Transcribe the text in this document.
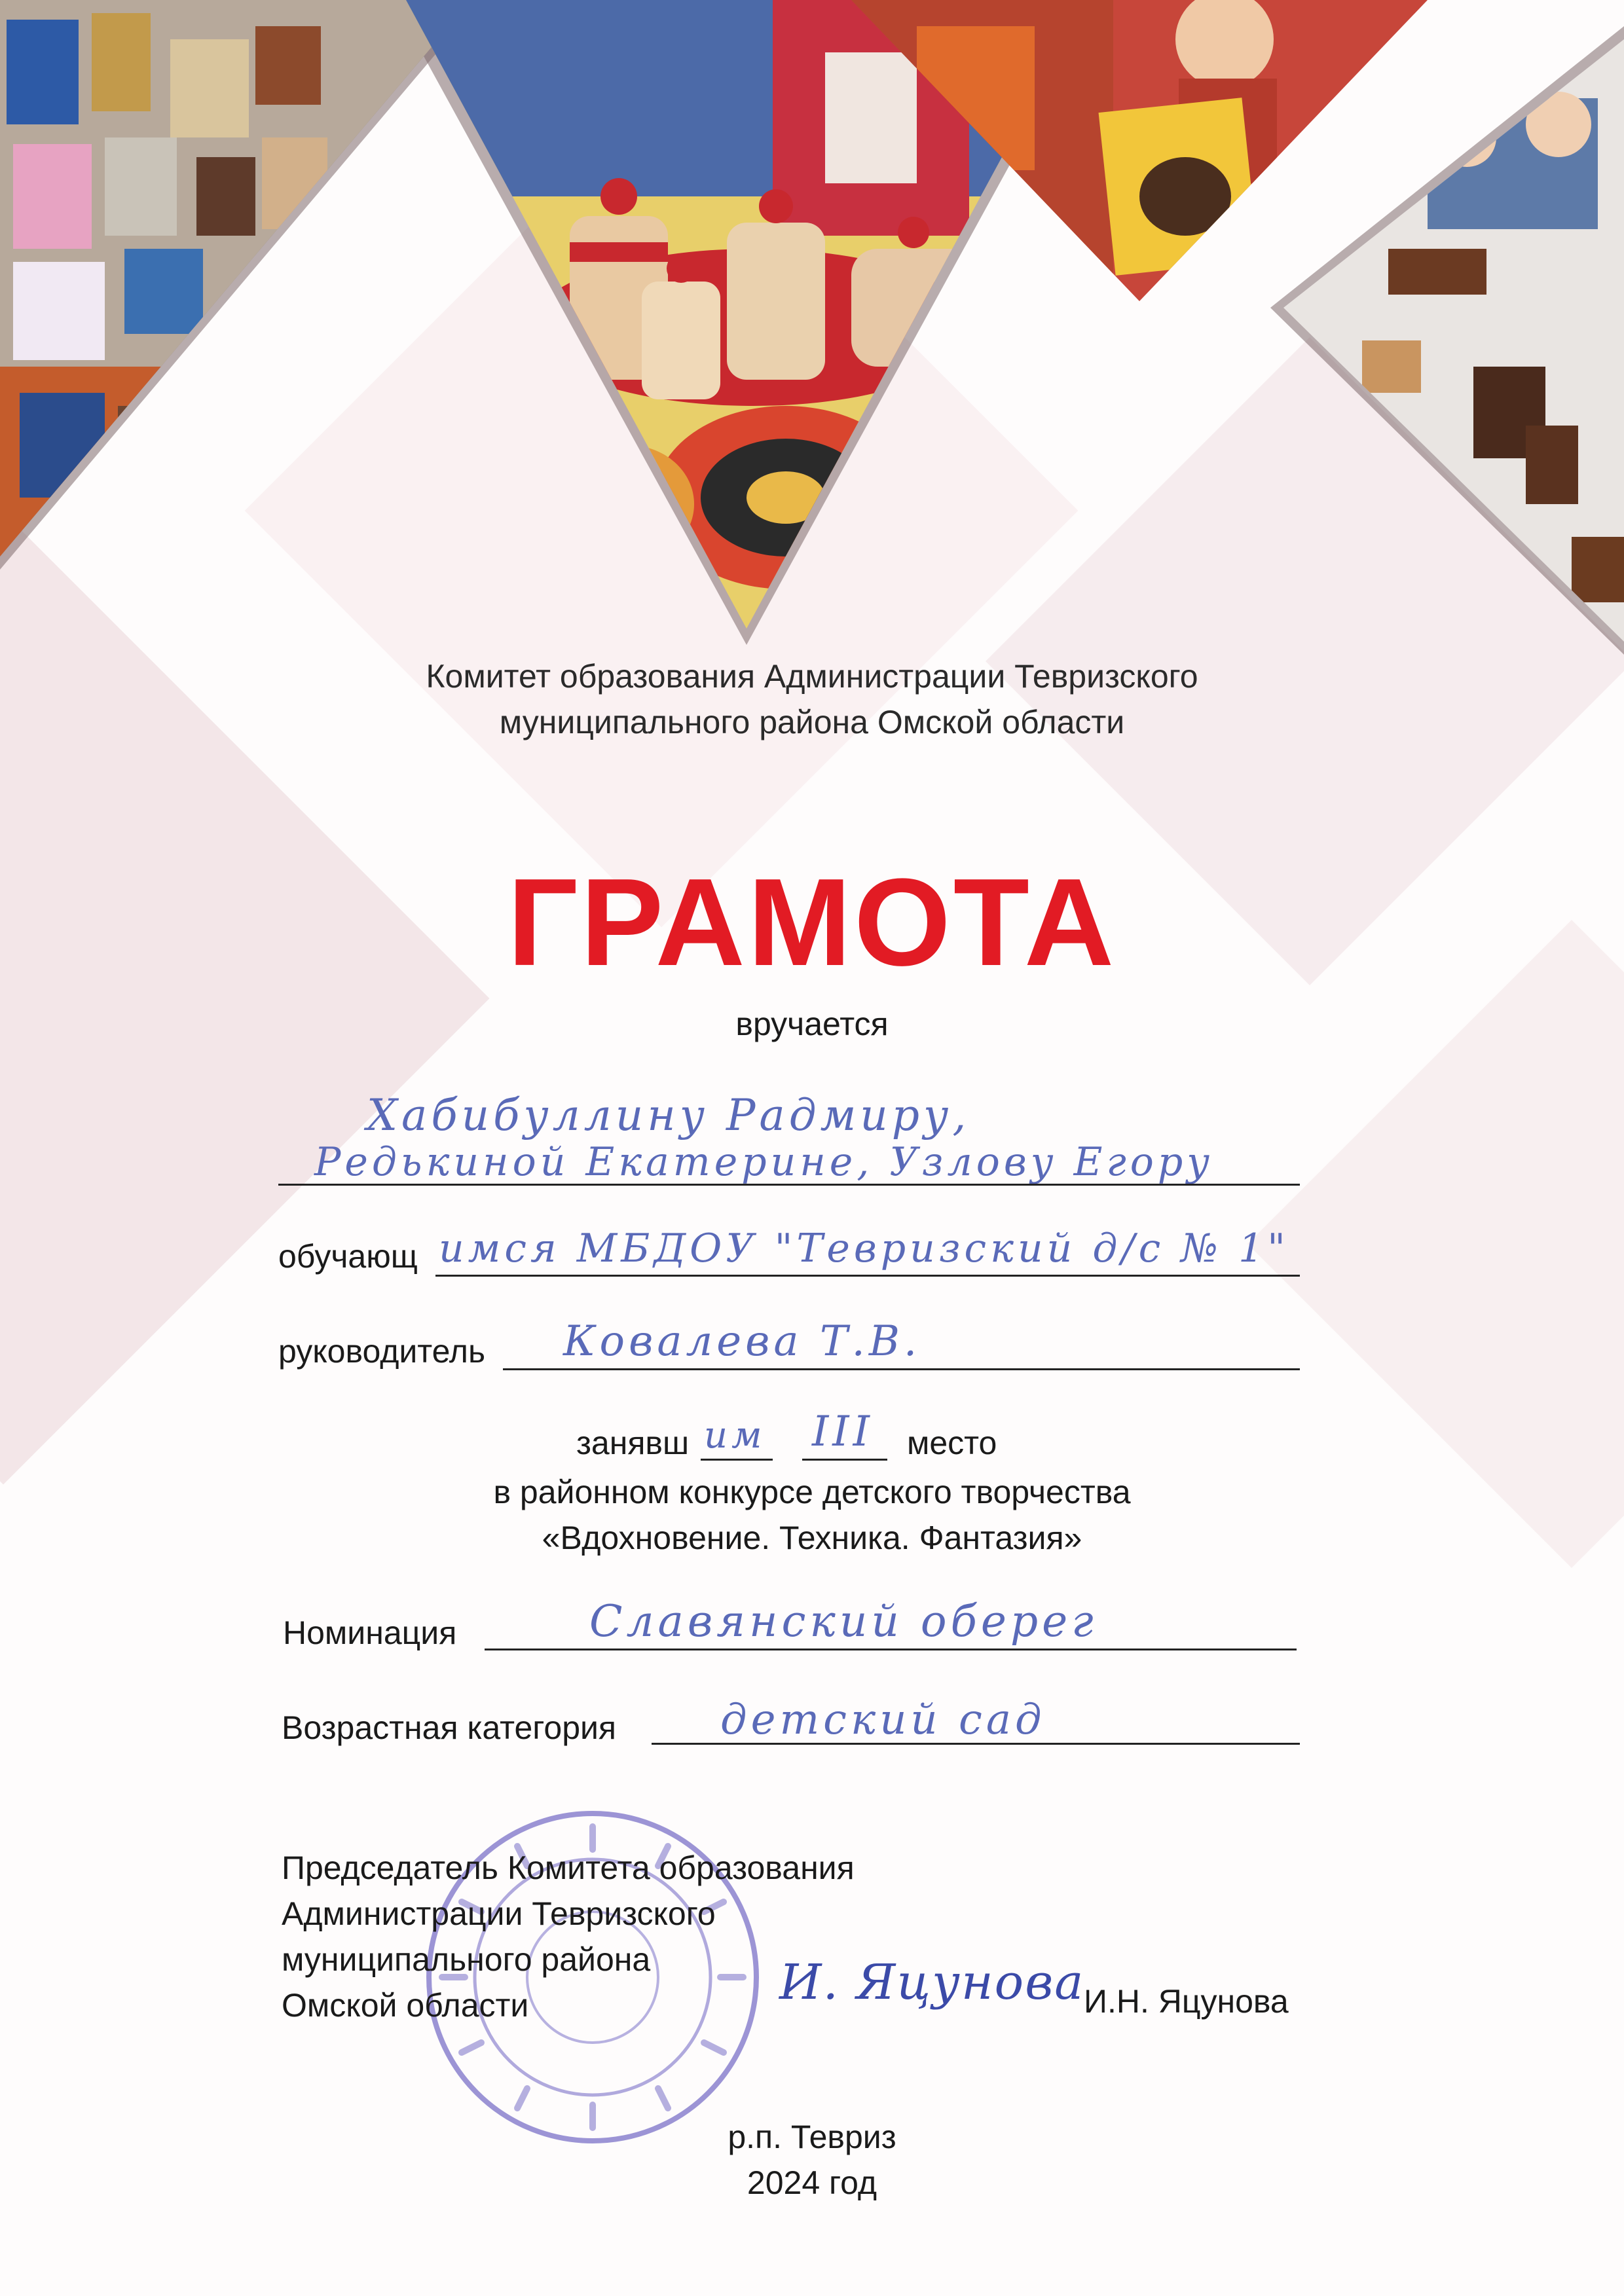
Комитет образования Администрации Тевризского
муниципального района Омской области
ГРАМОТА
вручается
Хабибуллину Радмиру,
Редькиной Екатерине, Узлову Егору
обучающ имся МБДОУ "Тевризский д/с № 1"
руководитель Ковалева Т.В.
занявш им III место
в районном конкурсе детского творчества
«Вдохновение. Техника. Фантазия»
Номинация	Славянский оберег
Возрастная категория детский сад
Председатель Комитета образования
Администрации Тевризского
муниципального района
Омской области	И. Яцунова
И.Н. Яцунова
р.п. Тевриз
2024 год
